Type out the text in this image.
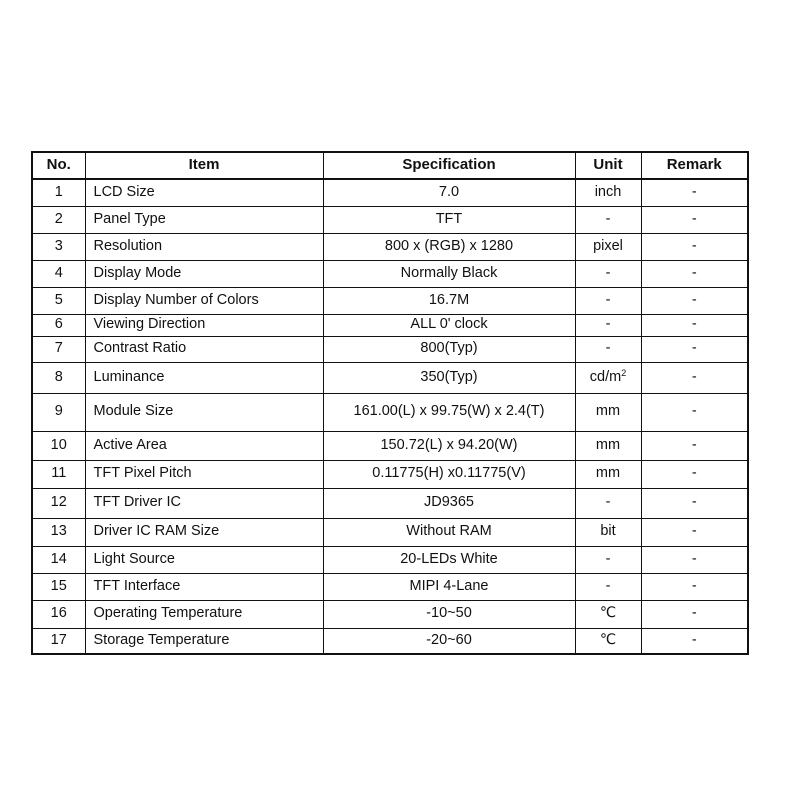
No.	Item	Specification	Unit	Remark
1	LCD Size	7.0	inch	-
2	Panel Type	TFT	-	-
3	Resolution	800 x (RGB) x 1280	pixel	-
4	Display Mode	Normally Black	-	-
5	Display Number of Colors	16.7M	-	-
6	Viewing Direction	ALL 0' clock	-	-
7	Contrast Ratio	800(Typ)	-	-
8	Luminance	350(Typ)	$cd/m^2$	-
9	Module Size	161.00(L) x 99.75(W) x 2.4(T)	mm	-
10	Active Area	150.72(L) x 94.20(W)	mm	-
11	TFT Pixel Pitch	0.11775(H) x0.11775(V)	mm	-
12	TFT Driver IC	JD9365	-	-
13	Driver IC RAM Size	Without RAM	bit	-
14	Light Source	20-LEDs White	-	-
15	TFT Interface	MIPI 4-Lane	-	-
16	Operating Temperature	-10~50	℃	-
17	Storage Temperature	-20~60	℃	-
